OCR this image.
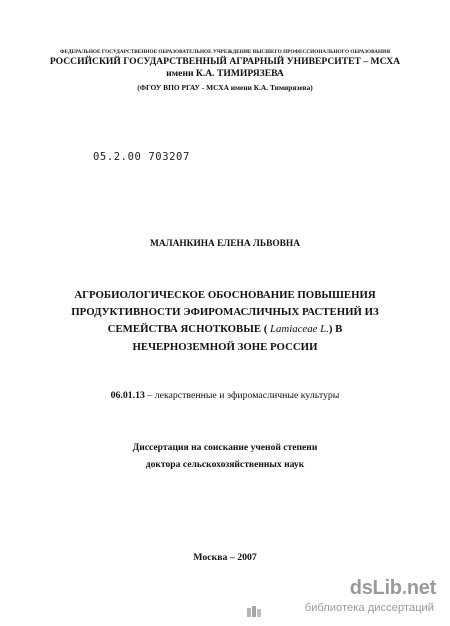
ФЕДЕРАЛЬНОЕ ГОСУДАРСТВЕННОЕ ОБРАЗОВАТЕЛЬНОЕ УЧРЕЖДЕНИЕ ВЫСШЕГО ПРОФЕССИОНАЛЬНОГО ОБРАЗОВАНИЯ
РОССИЙСКИЙ ГОСУДАРСТВЕННЫЙ АГРАРНЫЙ УНИВЕРСИТЕТ – МСХА
имени К.А. ТИМИРЯЗЕВА
(ФГОУ ВПО РГАУ - МСХА имени К.А. Тимирязева)
05.2.00 703207
МАЛАНКИНА ЕЛЕНА ЛЬВОВНА
АГРОБИОЛОГИЧЕСКОЕ ОБОСНОВАНИЕ ПОВЫШЕНИЯ
ПРОДУКТИВНОСТИ ЭФИРОМАСЛИЧНЫХ РАСТЕНИЙ ИЗ
СЕМЕЙСТВА ЯСНОТКОВЫЕ ( Lamiaceae L.) В
НЕЧЕРНОЗЕМНОЙ ЗОНЕ РОССИИ
06.01.13 – лекарственные и эфиромасличные культуры
Диссертация на соискание ученой степени
доктора сельскохозяйственных наук
Москва – 2007
dsLib.net
библиотека диссертаций
